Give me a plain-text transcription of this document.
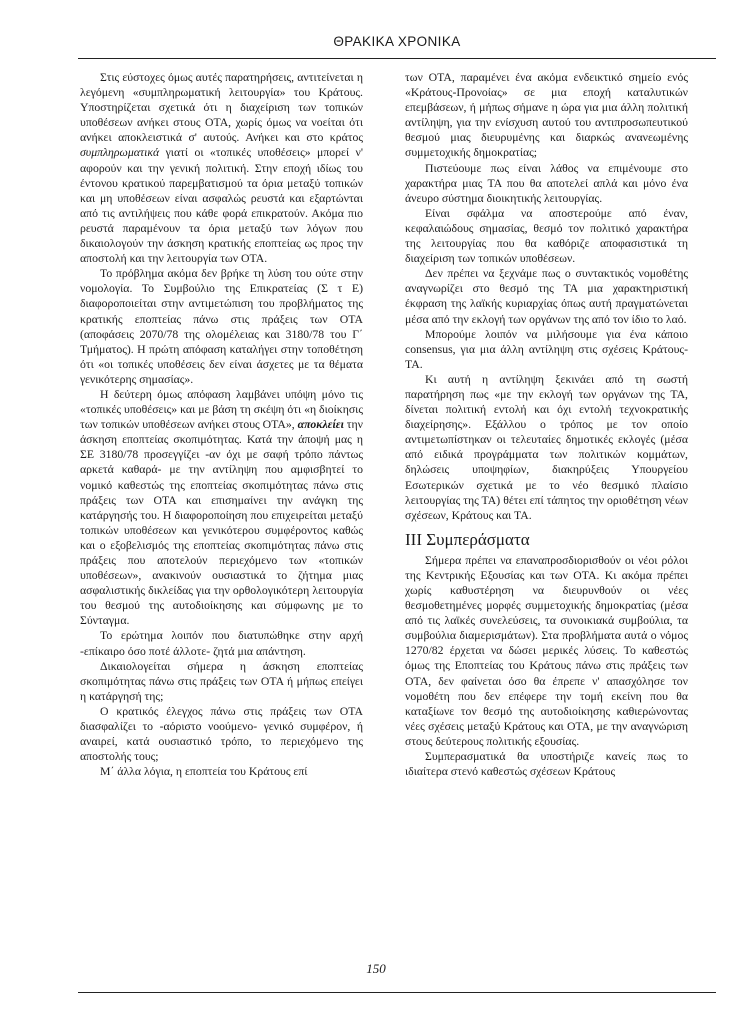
ΘΡΑΚΙΚΑ ΧΡΟΝΙΚΑ

Στις εύστοχες όμως αυτές παρατηρήσεις, αντιτείνεται η λεγόμενη «συμπληρωματική λειτουργία» του Κράτους. Υποστηρίζεται σχετικά ότι η διαχείριση των τοπικών υποθέσεων ανήκει στους ΟΤΑ, χωρίς όμως να νοείται ότι ανήκει αποκλειστικά σ' αυτούς. Ανήκει και στο κράτος συμπληρωματικά γιατί οι «τοπικές υποθέσεις» μπορεί ν' αφορούν και την γενική πολιτική. Στην εποχή ιδίως του έντονου κρατικού παρεμβατισμού τα όρια μεταξύ τοπικών και μη υποθέσεων είναι ασφαλώς ρευστά και εξαρτώνται από τις αντιλήψεις που κάθε φορά επικρατούν. Ακόμα πιο ρευστά παραμένουν τα όρια μεταξύ των λόγων που δικαιολογούν την άσκηση κρατικής εποπτείας ως προς την αποστολή και την λειτουργία των ΟΤΑ.

Το πρόβλημα ακόμα δεν βρήκε τη λύση του ούτε στην νομολογία. Το Συμβούλιο της Επικρατείας (Σ τ Ε) διαφοροποιείται στην αντιμετώπιση του προβλήματος της κρατικής εποπτείας πάνω στις πράξεις των ΟΤΑ (αποφάσεις 2070/78 της ολομέλειας και 3180/78 του Γ΄ Τμήματος). Η πρώτη απόφαση καταλήγει στην τοποθέτηση ότι «οι τοπικές υποθέσεις δεν είναι άσχετες με τα θέματα γενικότερης σημασίας».

Η δεύτερη όμως απόφαση λαμβάνει υπόψη μόνο τις «τοπικές υποθέσεις» και με βάση τη σκέψη ότι «η διοίκησις των τοπικών υποθέσεων ανήκει στους ΟΤΑ», αποκλείει την άσκηση εποπτείας σκοπιμότητας. Κατά την άποψή μας η ΣΕ 3180/78 προσεγγίζει -αν όχι με σαφή τρόπο πάντως αρκετά καθαρά- με την αντίληψη που αμφισβητεί το νομικό καθεστώς της εποπτείας σκοπιμότητας πάνω στις πράξεις των ΟΤΑ και επισημαίνει την ανάγκη της κατάργησής του. Η διαφοροποίηση που επιχειρείται μεταξύ τοπικών υποθέσεων και γενικότερου συμφέροντος καθώς και ο εξοβελισμός της εποπτείας σκοπιμότητας πάνω στις πράξεις που αποτελούν περιεχόμενο των «τοπικών υποθέσεων», ανακινούν ουσιαστικά το ζήτημα μιας ασφαλιστικής δικλείδας για την ορθολογικότερη λειτουργία του θεσμού της αυτοδιοίκησης και σύμφωνης με το Σύνταγμα.

Το ερώτημα λοιπόν που διατυπώθηκε στην αρχή -επίκαιρο όσο ποτέ άλλοτε- ζητά μια απάντηση.

Δικαιολογείται σήμερα η άσκηση εποπτείας σκοπιμότητας πάνω στις πράξεις των ΟΤΑ ή μήπως επείγει η κατάργησή της;

Ο κρατικός έλεγχος πάνω στις πράξεις των ΟΤΑ διασφαλίζει το -αόριστο νοούμενο- γενικό συμφέρον, ή αναιρεί, κατά ουσιαστικό τρόπο, το περιεχόμενο της αποστολής τους;

Μ΄ άλλα λόγια, η εποπτεία του Κράτους επί

των ΟΤΑ, παραμένει ένα ακόμα ενδεικτικό σημείο ενός «Κράτους-Προνοίας» σε μια εποχή καταλυτικών επεμβάσεων, ή μήπως σήμανε η ώρα για μια άλλη πολιτική αντίληψη, για την ενίσχυση αυτού του αντιπροσωπευτικού θεσμού μιας διευρυμένης και διαρκώς ανανεωμένης συμμετοχικής δημοκρατίας;

Πιστεύουμε πως είναι λάθος να επιμένουμε στο χαρακτήρα μιας ΤΑ που θα αποτελεί απλά και μόνο ένα άνευρο σύστημα διοικητικής λειτουργίας.

Είναι σφάλμα να αποστερούμε από έναν, κεφαλαιώδους σημασίας, θεσμό τον πολιτικό χαρακτήρα της λειτουργίας που θα καθόριζε αποφασιστικά τη διαχείριση των τοπικών υποθέσεων.

Δεν πρέπει να ξεχνάμε πως ο συντακτικός νομοθέτης αναγνωρίζει στο θεσμό της ΤΑ μια χαρακτηριστική έκφραση της λαϊκής κυριαρχίας όπως αυτή πραγματώνεται μέσα από την εκλογή των οργάνων της από τον ίδιο το λαό.

Μπορούμε λοιπόν να μιλήσουμε για ένα κάποιο consensus, για μια άλλη αντίληψη στις σχέσεις Κράτους-ΤΑ.

Κι αυτή η αντίληψη ξεκινάει από τη σωστή παρατήρηση πως «με την εκλογή των οργάνων της ΤΑ, δίνεται πολιτική εντολή και όχι εντολή τεχνοκρατικής διαχείρησης». Εξάλλου ο τρόπος με τον οποίο αντιμετωπίστηκαν οι τελευταίες δημοτικές εκλογές (μέσα από ειδικά προγράμματα των πολιτικών κομμάτων, δηλώσεις υποψηφίων, διακηρύξεις Υπουργείου Εσωτερικών σχετικά με το νέο θεσμικό πλαίσιο λειτουργίας της ΤΑ) θέτει επί τάπητος την οριοθέτηση νέων σχέσεων, Κράτους και ΤΑ.

III Συμπεράσματα

Σήμερα πρέπει να επαναπροσδιορισθούν οι νέοι ρόλοι της Κεντρικής Εξουσίας και των ΟΤΑ. Κι ακόμα πρέπει χωρίς καθυστέρηση να διευρυνθούν οι νέες θεσμοθετημένες μορφές συμμετοχικής δημοκρατίας (μέσα από τις λαϊκές συνελεύσεις, τα συνοικιακά συμβούλια, τα συμβούλια διαμερισμάτων). Στα προβλήματα αυτά ο νόμος 1270/82 έρχεται να δώσει μερικές λύσεις. Το καθεστώς όμως της Εποπτείας του Κράτους πάνω στις πράξεις των ΟΤΑ, δεν φαίνεται όσο θα έπρεπε ν' απασχόλησε τον νομοθέτη που δεν επέφερε την τομή εκείνη που θα καταξίωνε τον θεσμό της αυτοδιοίκησης καθιερώνοντας νέες σχέσεις μεταξύ Κράτους και ΟΤΑ, με την αναγνώριση στους δεύτερους πολιτικής εξουσίας.

Συμπερασματικά θα υποστήριζε κανείς πως το ιδιαίτερα στενό καθεστώς σχέσεων Κράτους

150
